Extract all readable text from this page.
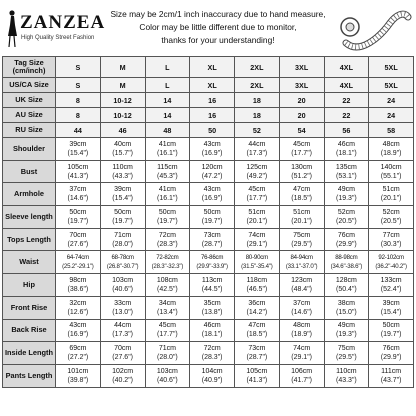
ZANZEA
High Quality Street Fashion
Size may be 2cm/1 inch inaccuracy due to hand measure,
Color may be little different due to monitor,
thanks for your understanding!
Tag Size (cm/inch)	S	M	L	XL	2XL	3XL	4XL	5XL
US/CA Size	S	M	L	XL	2XL	3XL	4XL	5XL
UK Size	8	10-12	14	16	18	20	22	24
AU Size	8	10-12	14	16	18	20	22	24
RU Size	44	46	48	50	52	54	56	58
Shoulder	39cm
(15.4")	40cm
(15.7")	41cm
(16.1")	43cm
(16.9")	44cm
(17.3")	45cm
(17.7")	46cm
(18.1")	48cm
(18.9")

Bust	105cm
(41.3")	110cm
(43.3")	115cm
(45.3")	120cm
(47.2")	125cm
(49.2")	130cm
(51.2")	135cm
(53.1")	140cm
(55.1")

Armhole	37cm
(14.6")	39cm
(15.4")	41cm
(16.1")	43cm
(16.9")	45cm
(17.7")	47cm
(18.5")	49cm
(19.3")	51cm
(20.1")

Sleeve length	50cm
(19.7")	50cm
(19.7")	50cm
(19.7")	50cm
(19.7")	51cm
(20.1")	51cm
(20.1")	52cm
(20.5")	52cm
(20.5")

Tops Length	70cm
(27.6")	71cm
(28.0")	72cm
(28.3")	73cm
(28.7")	74cm
(29.1")	75cm
(29.5")	76cm
(29.9")	77cm
(30.3")

Waist	64-74cm
(25.2"-29.1")	68-78cm
(26.8"-30.7")	72-82cm
(28.3"-32.3")	76-86cm
(29.9"-33.9")	80-90cm
(31.5"-35.4")	84-94cm
(33.1"-37.0")	88-98cm
(34.6"-38.6")	92-102cm
(36.2"-40.2")

Hip	98cm
(38.6")	103cm
(40.6")	108cm
(42.5")	113cm
(44.5")	118cm
(46.5")	123cm
(48.4")	128cm
(50.4")	133cm
(52.4")

Front Rise	32cm
(12.6")	33cm
(13.0")	34cm
(13.4")	35cm
(13.8")	36cm
(14.2")	37cm
(14.6")	38cm
(15.0")	39cm
(15.4")

Back Rise	43cm
(16.9")	44cm
(17.3")	45cm
(17.7")	46cm
(18.1")	47cm
(18.5")	48cm
(18.9")	49cm
(19.3")	50cm
(19.7")

Inside Length	69cm
(27.2")	70cm
(27.6")	71cm
(28.0")	72cm
(28.3")	73cm
(28.7")	74cm
(29.1")	75cm
(29.5")	76cm
(29.9")

Pants Length	101cm
(39.8")	102cm
(40.2")	103cm
(40.6")	104cm
(40.9")	105cm
(41.3")	106cm
(41.7")	110cm
(43.3")	111cm
(43.7")
